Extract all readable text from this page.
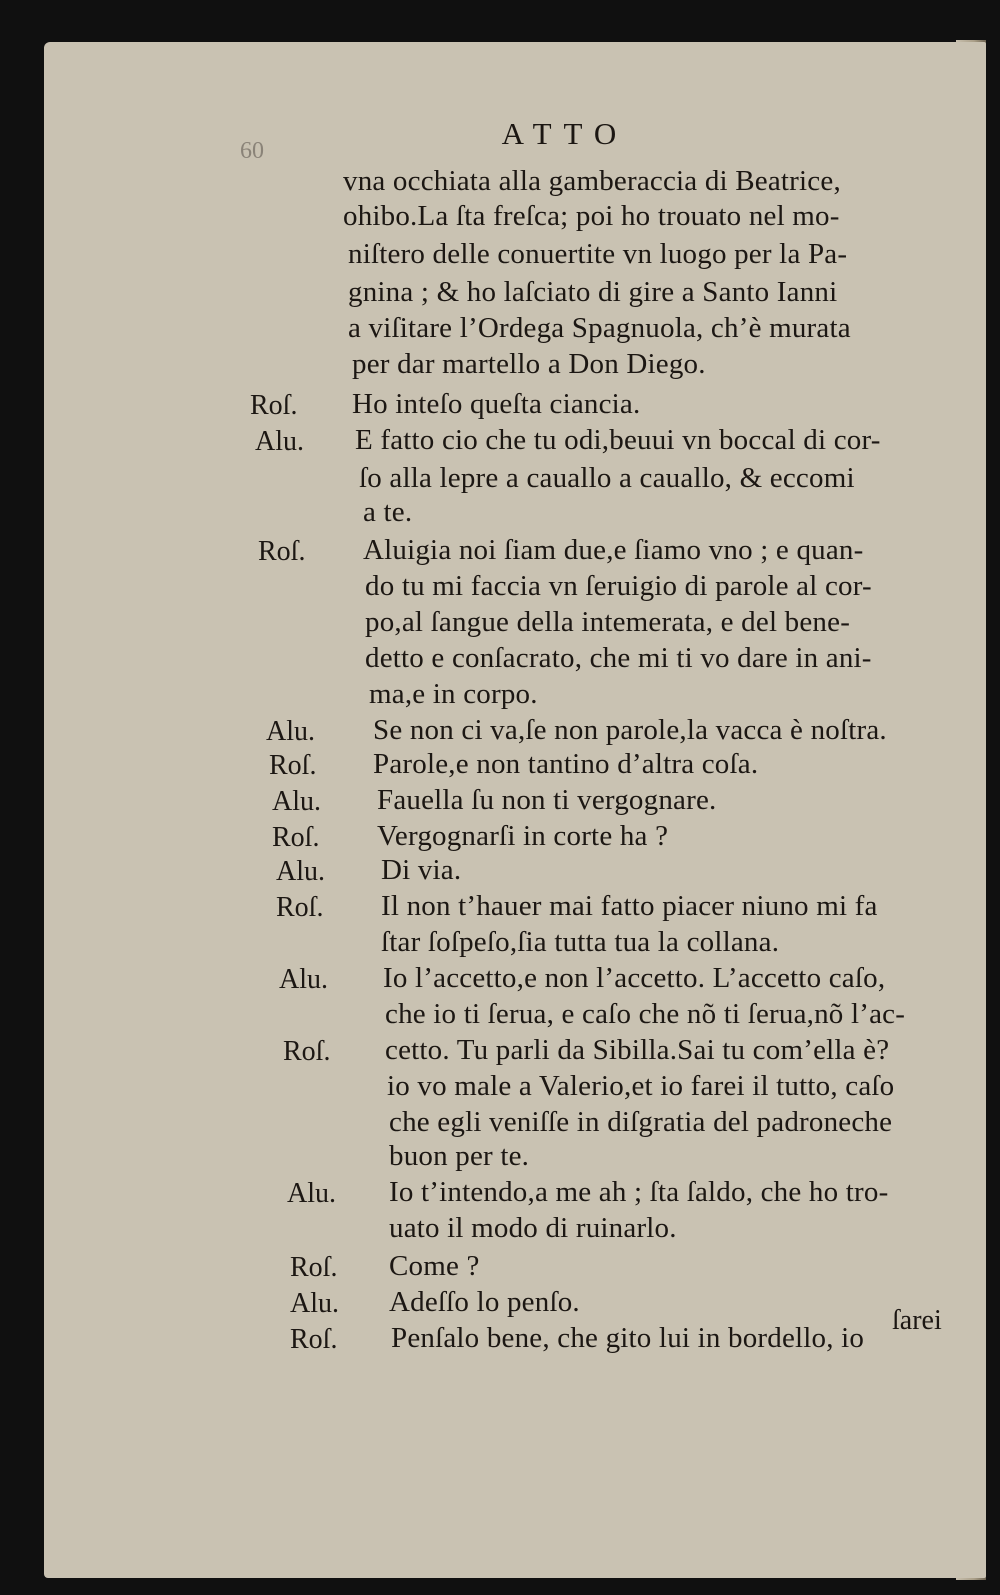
60	ATTO
vna occhiata alla gamberaccia di Beatrice,
ohibo.La ſta freſca; poi ho trouato nel mo-
niſtero delle conuertite vn luogo per la Pa-
gnina ; & ho laſciato di gire a Santo Ianni
a viſitare l’Ordega Spagnuola, ch’è murata
per dar martello a Don Diego.
Roſ. Ho inteſo queſta ciancia.
Alu. E fatto cio che tu odi,beuui vn boccal di cor-
ſo alla lepre a cauallo a cauallo, & eccomi
a te.
Roſ. Aluigia noi ſiam due,e ſiamo vno ; e quan-
do tu mi faccia vn ſeruigio di parole al cor-
po,al ſangue della intemerata, e del bene-
detto e conſacrato, che mi ti vo dare in ani-
ma,e in corpo.
Alu. Se non ci va,ſe non parole,la vacca è noſtra.
Roſ. Parole,e non tantino d’altra coſa.
Alu. Fauella ſu non ti vergognare.
Roſ. Vergognarſi in corte ha ?
Alu. Di via.
Roſ. Il non t’hauer mai fatto piacer niuno mi fa
ſtar ſoſpeſo,ſia tutta tua la collana.
Alu. Io l’accetto,e non l’accetto. L’accetto caſo,
che io ti ſerua, e caſo che nõ ti ſerua,nõ l’ac-
Roſ. cetto. Tu parli da Sibilla.Sai tu com’ella è?
io vo male a Valerio,et io farei il tutto, caſo
che egli veniſſe in diſgratia del padroneche
buon per te.
Alu. Io t’intendo,a me ah ; ſta ſaldo, che ho tro-
uato il modo di ruinarlo.
Roſ. Come ?
Alu. Adeſſo lo penſo.
Roſ. Penſalo bene, che gito lui in bordello, io
ſarei
